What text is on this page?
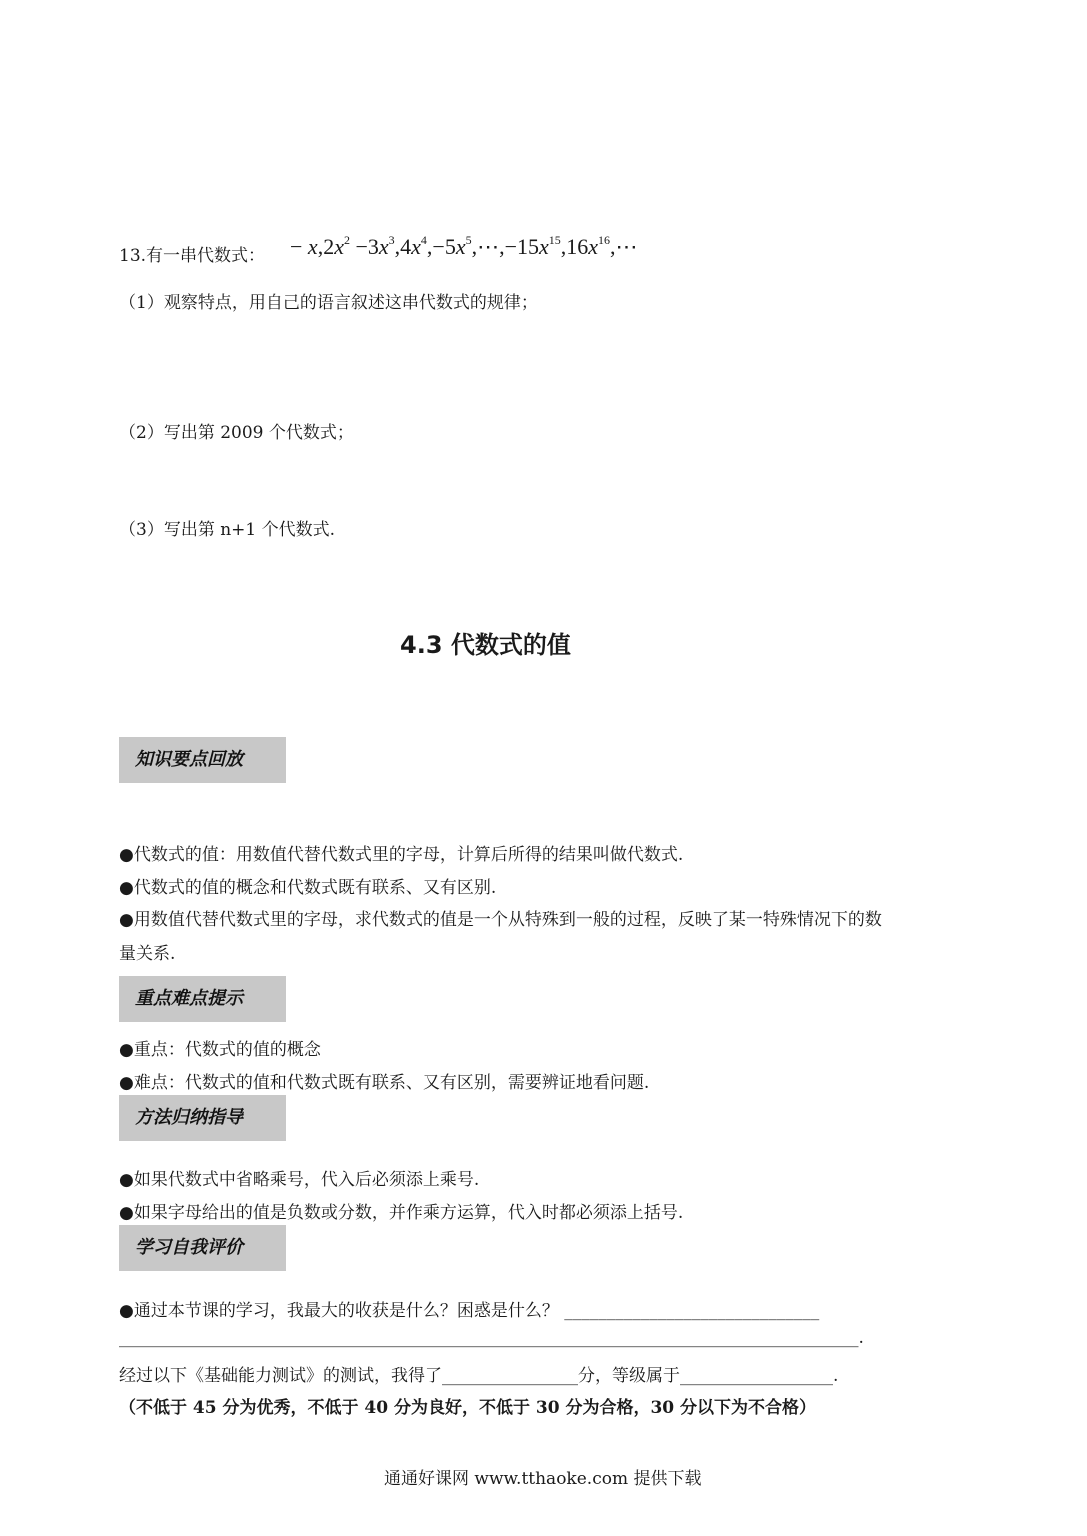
13.有一串代数式： − $x,2x^2$ $-3x^3,4x^4,-5x^5,\cdots,-15x^{15},16x^{16},\cdots$
（1）观察特点，用自己的语言叙述这串代数式的规律；
（2）写出第 2009 个代数式；
（3）写出第 n+1 个代数式.
4.3 代数式的值
知识要点回放
●代数式的值：用数值代替代数式里的字母，计算后所得的结果叫做代数式.
●代数式的值的概念和代数式既有联系、又有区别.
●用数值代替代数式里的字母，求代数式的值是一个从特殊到一般的过程，反映了某一特殊情况下的数
量关系.
重点难点提示
●重点：代数式的值的概念
●难点：代数式的值和代数式既有联系、又有区别，需要辨证地看问题.
方法归纳指导
●如果代数式中省略乘号，代入后必须添上乘号.
●如果字母给出的值是负数或分数，并作乘方运算，代入时都必须添上括号.
学习自我评价
●通过本节课的学习，我最大的收获是什么？困惑是什么？ ______________________________
_______________________________________________________________________________________.
经过以下《基础能力测试》的测试，我得了________________分，等级属于__________________.
（不低于 45 分为优秀，不低于 40 分为良好，不低于 30 分为合格，30 分以下为不合格）
通通好课网 www.tthaoke.com 提供下载
